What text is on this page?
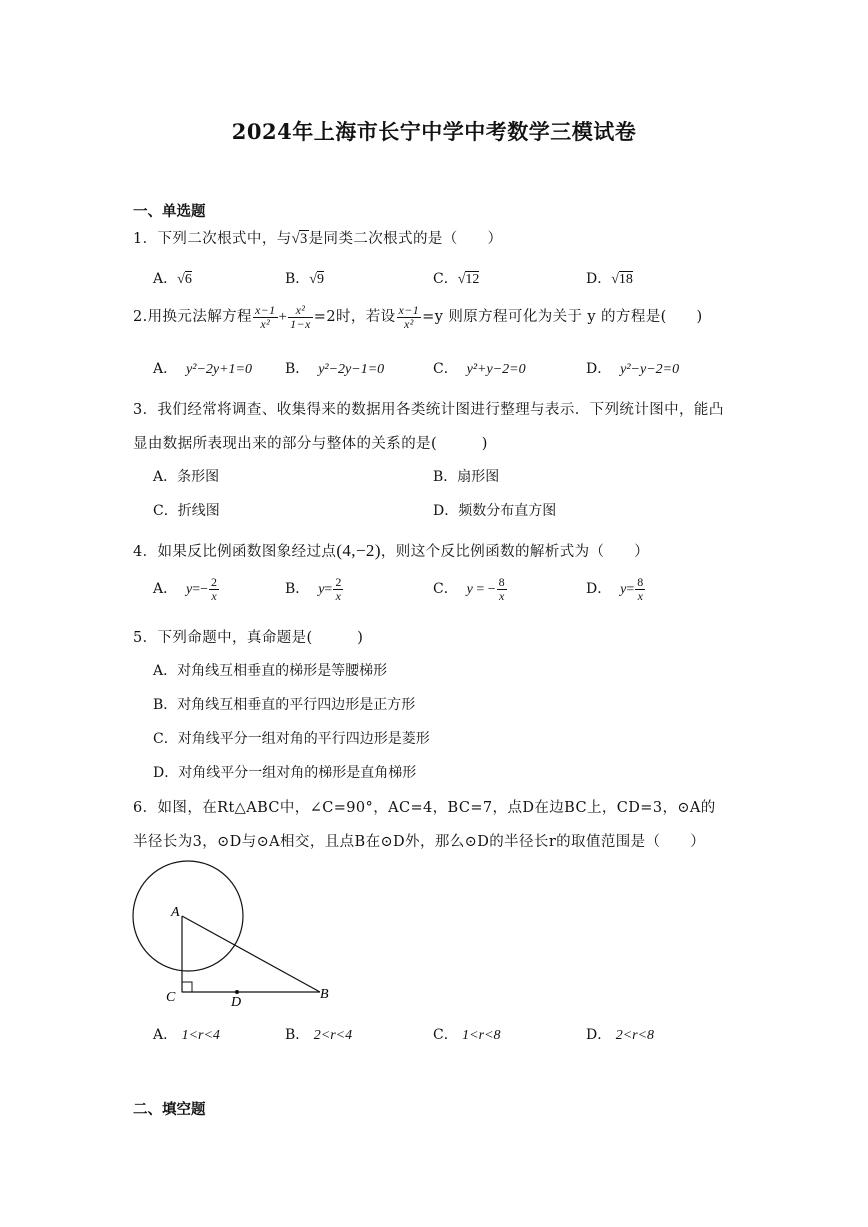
2024年上海市长宁中学中考数学三模试卷
一、单选题
1．下列二次根式中，与√3是同类二次根式的是（　　）
A．√6	B．√9	C．√12	D．√18
2.用换元法解方程 $\frac{x-1}{\text{x²}} + \frac{\text{x²}}{1-x} =2$时，若设 $\frac{x-1}{\text{x²}} =y$ 则原方程可化为关于 y 的方程是(　　)
A． y²−2y+1=0 B． y²−2y−1=0	C． y²+y−2=0	D． y²−y−2=0
3．我们经常将调查、收集得来的数据用各类统计图进行整理与表示．下列统计图中，能凸
显由数据所表现出来的部分与整体的关系的是(　　　)
A．条形图	B．扇形图
C．折线图	D．频数分布直方图
4．如果反比例函数图象经过点(4,−2)，则这个反比例函数的解析式为（　　）
A． $y=- \frac{2}{x}$	B． $y= \frac{2}{x}$	C． y = − $\frac{8}{x}$	D． $y= \frac{8}{x}$
5．下列命题中，真命题是(　　　)
A．对角线互相垂直的梯形是等腰梯形
B．对角线互相垂直的平行四边形是正方形
C．对角线平分一组对角的平行四边形是菱形
D．对角线平分一组对角的梯形是直角梯形
6．如图，在Rt△ABC中，∠C=90°，AC=4，BC=7，点D在边BC上，CD=3，⊙A的
半径长为3，⊙D与⊙A相交，且点B在⊙D外，那么⊙D的半径长r的取值范围是（　　）
A
C	D
B
A． 1<r<4	B． 2<r<4	C． 1<r<8	D． 2<r<8
二、填空题
